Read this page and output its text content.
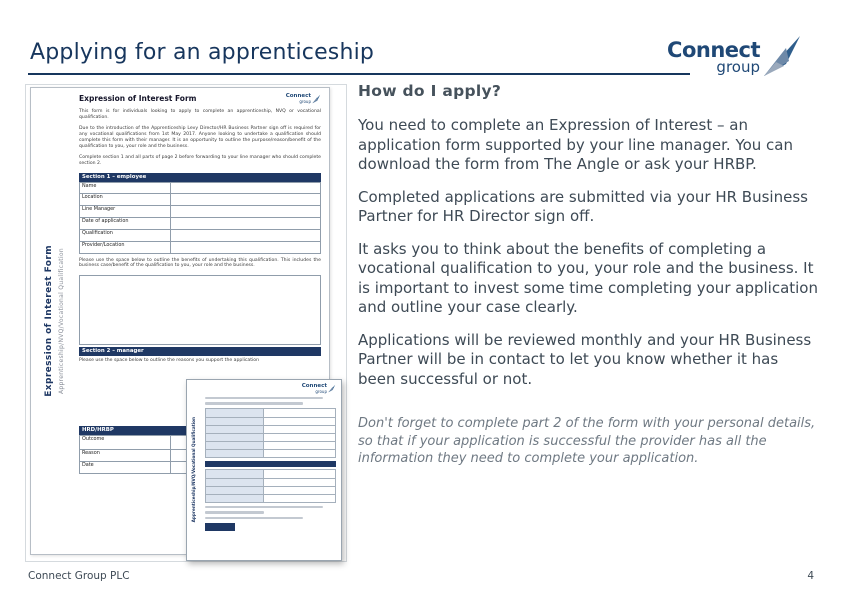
Applying for an apprenticeship	Connect
group
Expression of Interest Form Apprenticeship/NVQ/Vocational Qualification
Expression of Interest Form	Connect
group

This form is for individuals looking to apply to complete an apprenticeship, NVQ or vocational qualification.

Due to the introduction of the Apprenticeship Levy Director/HR Business Partner sign off is required for any vocational qualifications from 1st May 2017. Anyone looking to undertake a qualification should complete this form with their manager. It is an opportunity to outline the purpose/reason/benefit of the qualification to you, your role and the business.

Complete section 1 and all parts of page 2 before forwarding to your line manager who should complete section 2.

Section 1 – employee
Name
Location
Line Manager
Date of application
Qualification
Provider/Location

Please use the space below to outline the benefits of undertaking this qualification. This includes the business case/benefit of the qualification to you, your role and the business.

Section 2 – manager

Please use the space below to outline the reasons you support the application

HRD/HRBP
Outcome
Reason
Date	Apprenticeship/NVQ/Vocational Qualification
Connect
group
How do I apply?

You need to complete an Expression of Interest – an application form supported by your line manager. You can download the form from The Angle or ask your HRBP.

Completed applications are submitted via your HR Business Partner for HR Director sign off.

It asks you to think about the benefits of completing a vocational qualification to you, your role and the business. It is important to invest some time completing your application and outline your case clearly.

Applications will be reviewed monthly and your HR Business Partner will be in contact to let you know whether it has been successful or not.

Don't forget to complete part 2 of the form with your personal details, so that if your application is successful the provider has all the information they need to complete your application.

Connect Group PLC	4
